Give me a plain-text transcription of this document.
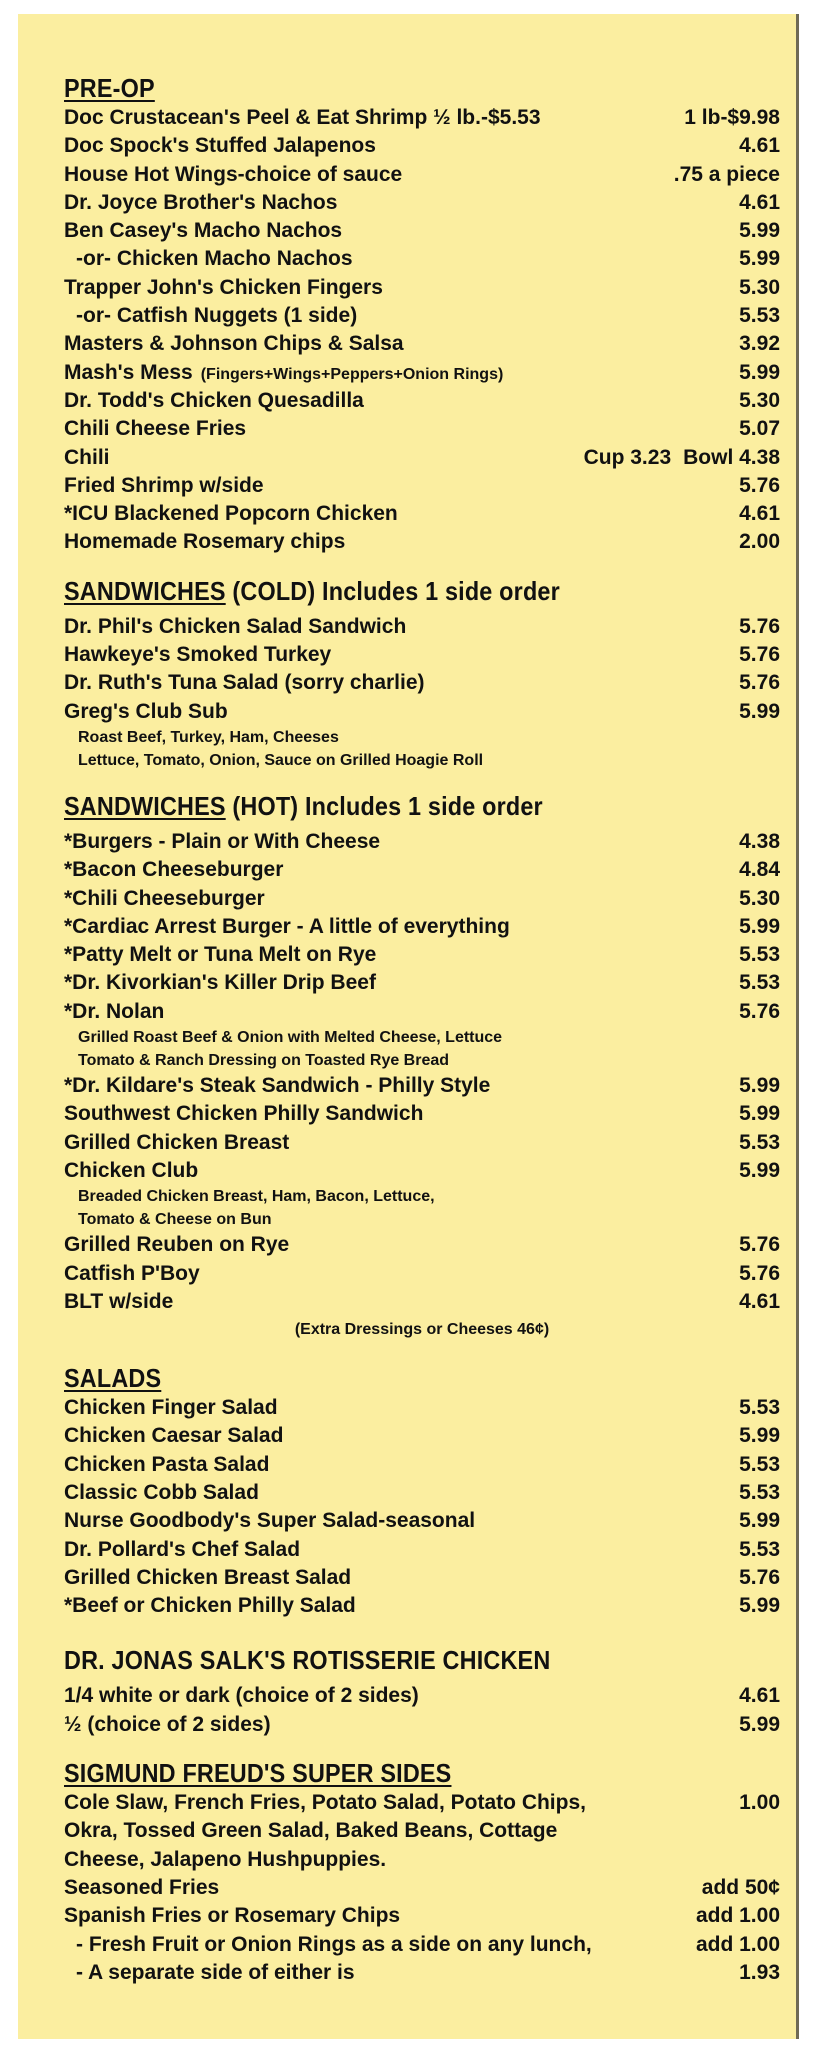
PRE-OP
Doc Crustacean's Peel & Eat Shrimp ½ lb.-$5.53	1 lb-$9.98
Doc Spock's Stuffed Jalapenos	4.61
House Hot Wings-choice of sauce	.75 a piece
Dr. Joyce Brother's Nachos	4.61
Ben Casey's Macho Nachos	5.99
-or- Chicken Macho Nachos	5.99
Trapper John's Chicken Fingers	5.30
-or- Catfish Nuggets (1 side)	5.53
Masters & Johnson Chips & Salsa	3.92
Mash's Mess (Fingers+Wings+Peppers+Onion Rings)	5.99
Dr. Todd's Chicken Quesadilla	5.30
Chili Cheese Fries	5.07
Chili	Cup 3.23 Bowl 4.38
Fried Shrimp w/side	5.76
*ICU Blackened Popcorn Chicken	4.61
Homemade Rosemary chips	2.00
SANDWICHES (COLD) Includes 1 side order
Dr. Phil's Chicken Salad Sandwich	5.76
Hawkeye's Smoked Turkey	5.76
Dr. Ruth's Tuna Salad (sorry charlie)	5.76
Greg's Club Sub	5.99
Roast Beef, Turkey, Ham, Cheeses
Lettuce, Tomato, Onion, Sauce on Grilled Hoagie Roll
SANDWICHES (HOT) Includes 1 side order
*Burgers - Plain or With Cheese	4.38
*Bacon Cheeseburger	4.84
*Chili Cheeseburger	5.30
*Cardiac Arrest Burger - A little of everything	5.99
*Patty Melt or Tuna Melt on Rye	5.53
*Dr. Kivorkian's Killer Drip Beef	5.53
*Dr. Nolan	5.76
Grilled Roast Beef & Onion with Melted Cheese, Lettuce
Tomato & Ranch Dressing on Toasted Rye Bread
*Dr. Kildare's Steak Sandwich - Philly Style	5.99
Southwest Chicken Philly Sandwich	5.99
Grilled Chicken Breast	5.53
Chicken Club	5.99
Breaded Chicken Breast, Ham, Bacon, Lettuce,
Tomato & Cheese on Bun
Grilled Reuben on Rye	5.76
Catfish P'Boy	5.76
BLT w/side	4.61
(Extra Dressings or Cheeses 46¢)
SALADS
Chicken Finger Salad	5.53
Chicken Caesar Salad	5.99
Chicken Pasta Salad	5.53
Classic Cobb Salad	5.53
Nurse Goodbody's Super Salad-seasonal	5.99
Dr. Pollard's Chef Salad	5.53
Grilled Chicken Breast Salad	5.76
*Beef or Chicken Philly Salad	5.99
DR. JONAS SALK'S ROTISSERIE CHICKEN
1/4 white or dark (choice of 2 sides)	4.61
½ (choice of 2 sides)	5.99
SIGMUND FREUD'S SUPER SIDES
Cole Slaw, French Fries, Potato Salad, Potato Chips,	1.00
Okra, Tossed Green Salad, Baked Beans, Cottage
Cheese, Jalapeno Hushpuppies.
Seasoned Fries	add 50¢
Spanish Fries or Rosemary Chips	add 1.00
- Fresh Fruit or Onion Rings as a side on any lunch,	add 1.00
- A separate side of either is	1.93
